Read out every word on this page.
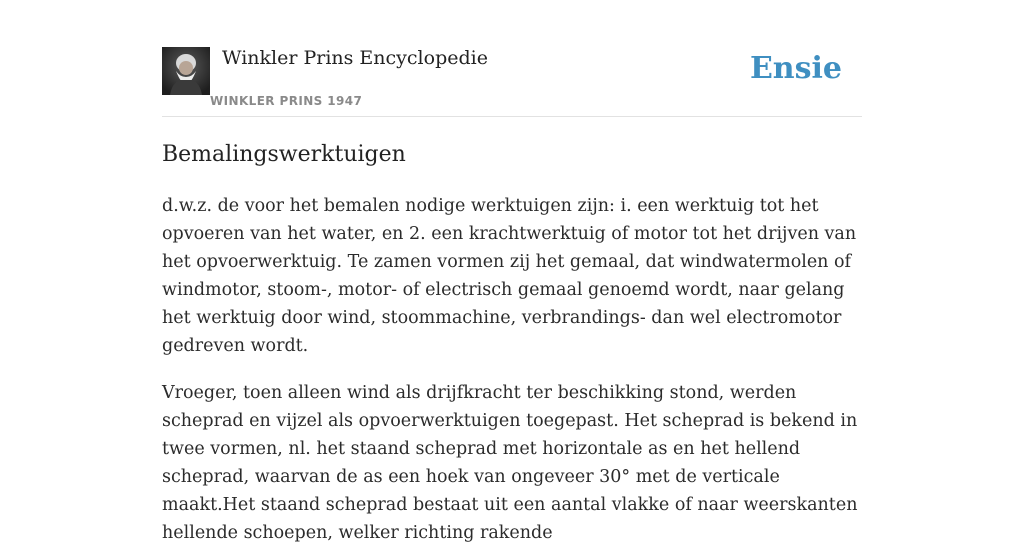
Winkler Prins Encyclopedie
WINKLER PRINS 1947
Ensie
Bemalingswerktuigen

d.w.z. de voor het bemalen nodige werktuigen zijn: i. een werktuig tot het opvoeren van het water, en 2. een krachtwerktuig of motor tot het drijven van het opvoerwerktuig. Te zamen vormen zij het gemaal, dat windwatermolen of windmotor, stoom-, motor- of electrisch gemaal genoemd wordt, naar gelang het werktuig door wind, stoommachine, verbrandings- dan wel electromotor gedreven wordt.

Vroeger, toen alleen wind als drijfkracht ter beschikking stond, werden scheprad en vijzel als opvoerwerktuigen toegepast. Het scheprad is bekend in twee vormen, nl. het staand scheprad met horizontale as en het hellend scheprad, waarvan de as een hoek van ongeveer 30° met de verticale maakt.Het staand scheprad bestaat uit een aantal vlakke of naar weerskanten hellende schoepen, welker richting rakende
